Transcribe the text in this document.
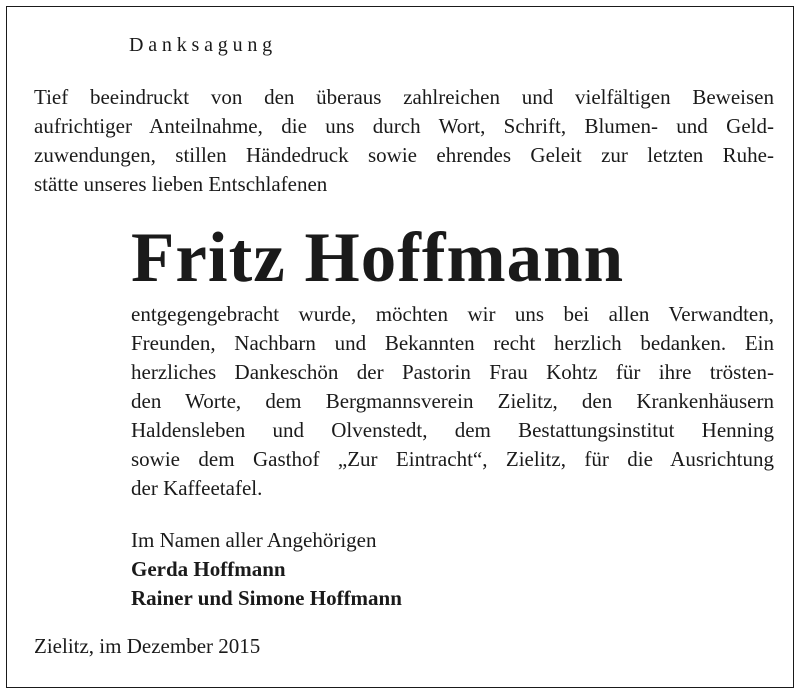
Danksagung
Tief beeindruckt von den überaus zahlreichen und vielfältigen Beweisen
aufrichtiger Anteilnahme, die uns durch Wort, Schrift, Blumen- und Geld-
zuwendungen, stillen Händedruck sowie ehrendes Geleit zur letzten Ruhe-
stätte unseres lieben Entschlafenen
Fritz Hoffmann
entgegengebracht wurde, möchten wir uns bei allen Verwandten,
Freunden, Nachbarn und Bekannten recht herzlich bedanken. Ein
herzliches Dankeschön der Pastorin Frau Kohtz für ihre trösten-
den Worte, dem Bergmannsverein Zielitz, den Krankenhäusern
Haldensleben und Olvenstedt, dem Bestattungsinstitut Henning
sowie dem Gasthof „Zur Eintracht“, Zielitz, für die Ausrichtung
der Kaffeetafel.
Im Namen aller Angehörigen
Gerda Hoffmann
Rainer und Simone Hoffmann
Zielitz, im Dezember 2015
